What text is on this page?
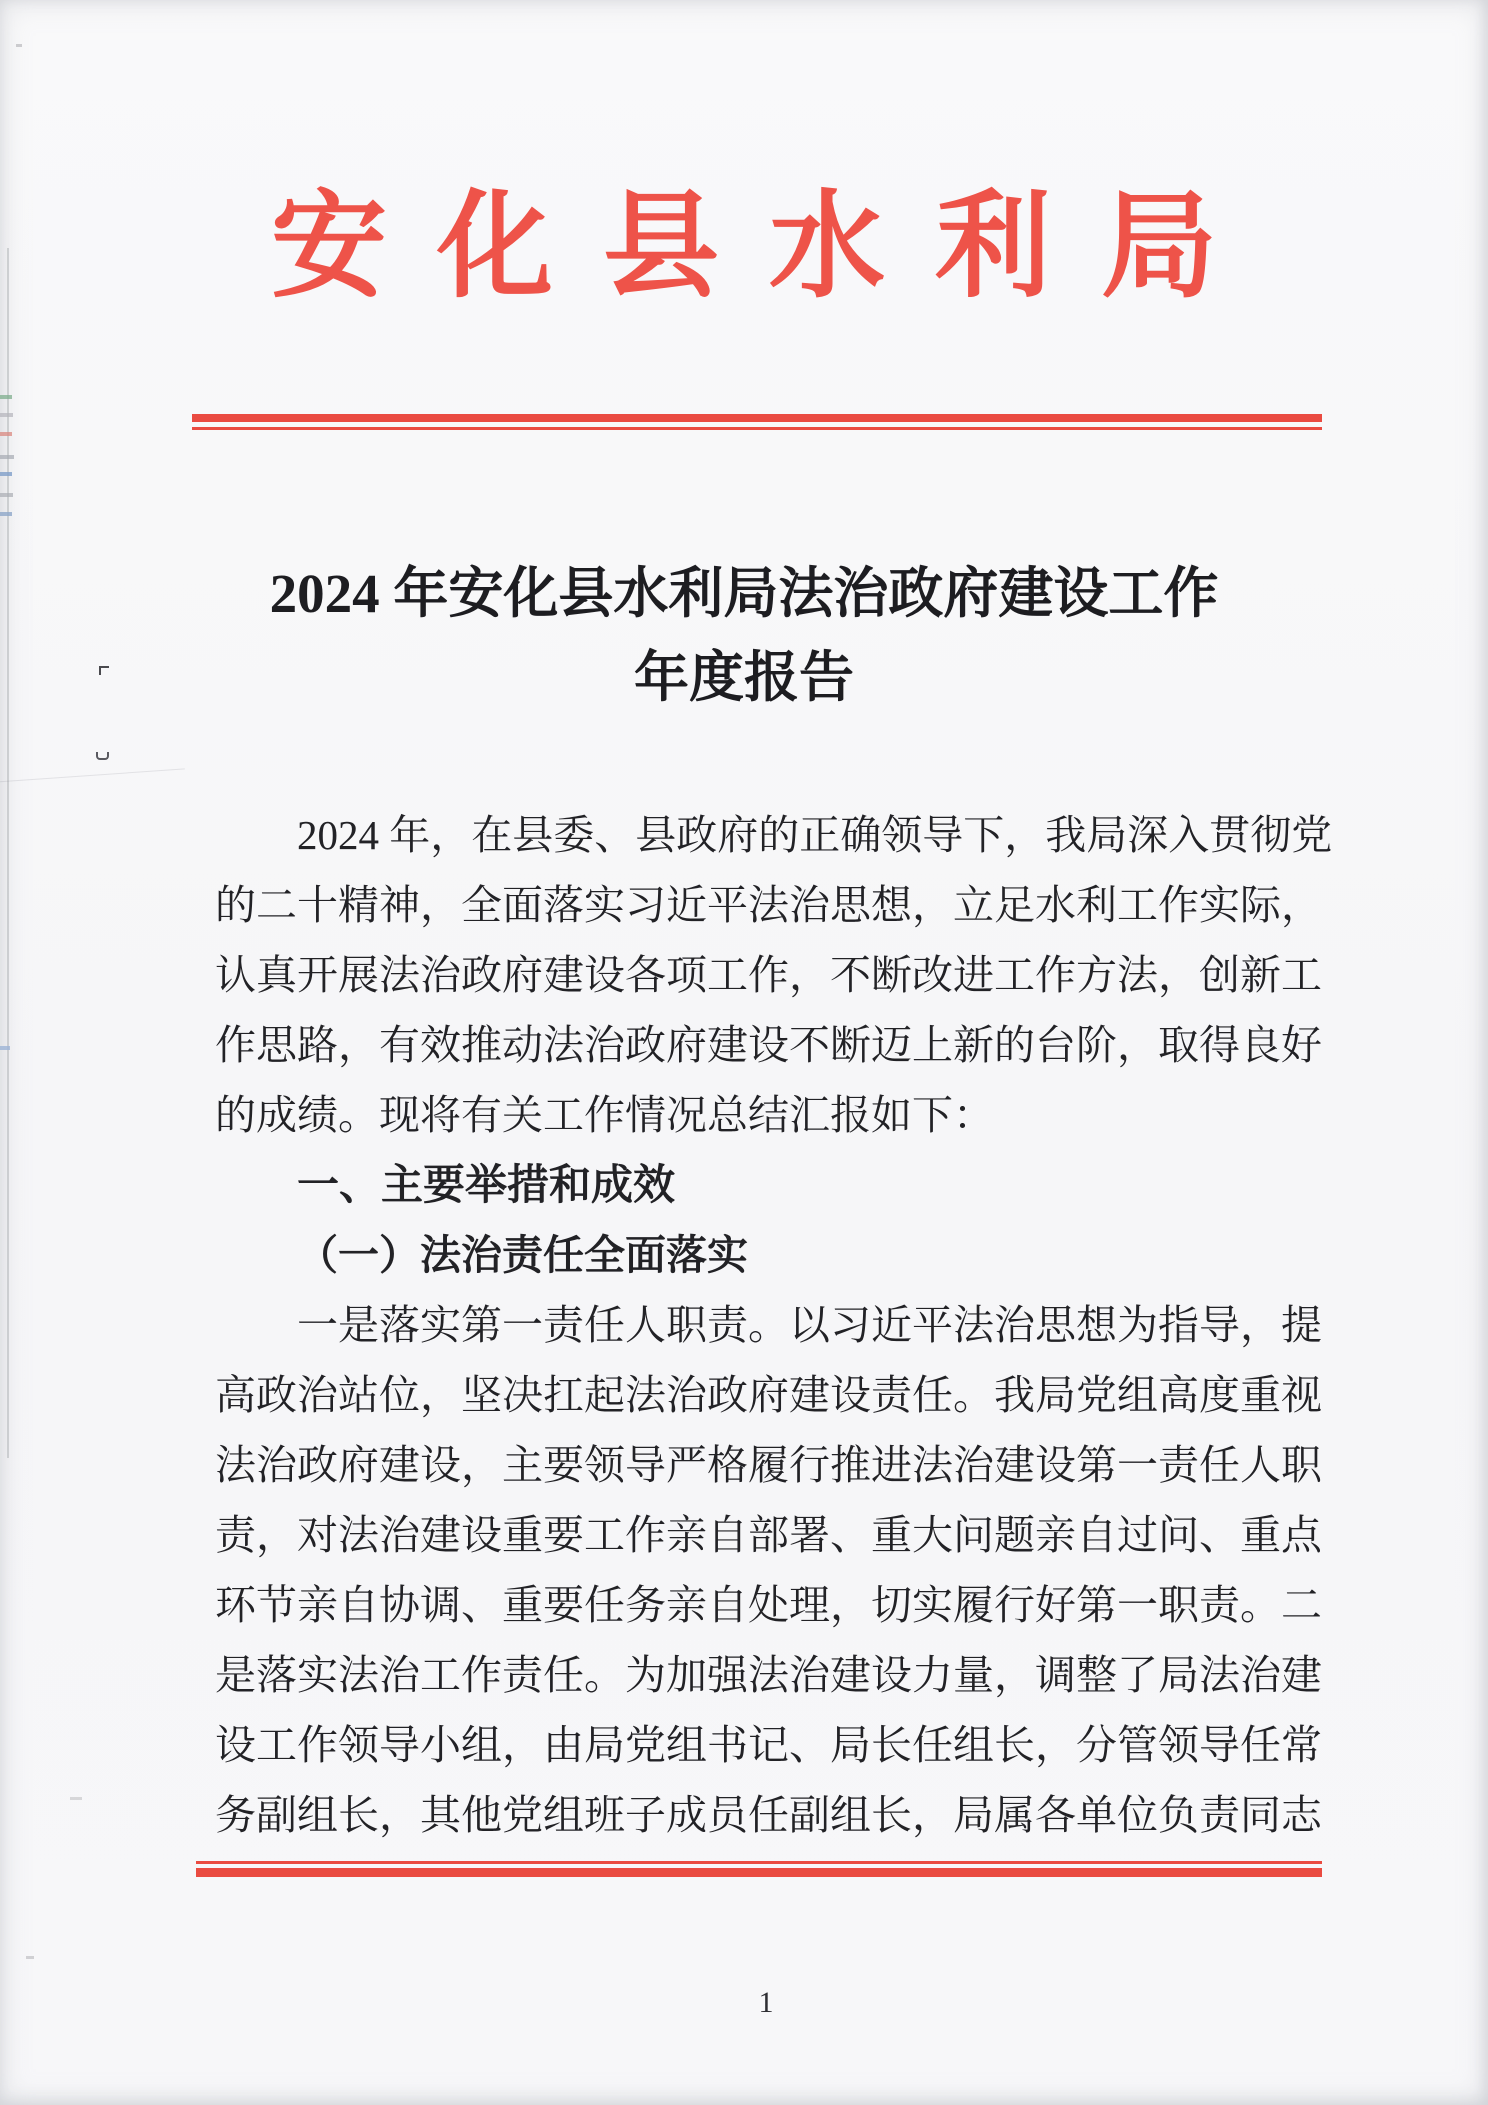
安化县水利局
2024 年安化县水利局法治政府建设工作
年度报告
2024 年，在县委、县政府的正确领导下，我局深入贯彻党
的二十精神，全面落实习近平法治思想，立足水利工作实际，
认真开展法治政府建设各项工作，不断改进工作方法，创新工
作思路，有效推动法治政府建设不断迈上新的台阶，取得良好
的成绩。现将有关工作情况总结汇报如下：
一、主要举措和成效
（一）法治责任全面落实
一是落实第一责任人职责。以习近平法治思想为指导，提
高政治站位，坚决扛起法治政府建设责任。我局党组高度重视
法治政府建设，主要领导严格履行推进法治建设第一责任人职
责，对法治建设重要工作亲自部署、重大问题亲自过问、重点
环节亲自协调、重要任务亲自处理，切实履行好第一职责。二
是落实法治工作责任。为加强法治建设力量，调整了局法治建
设工作领导小组，由局党组书记、局长任组长，分管领导任常
务副组长，其他党组班子成员任副组长，局属各单位负责同志
1
